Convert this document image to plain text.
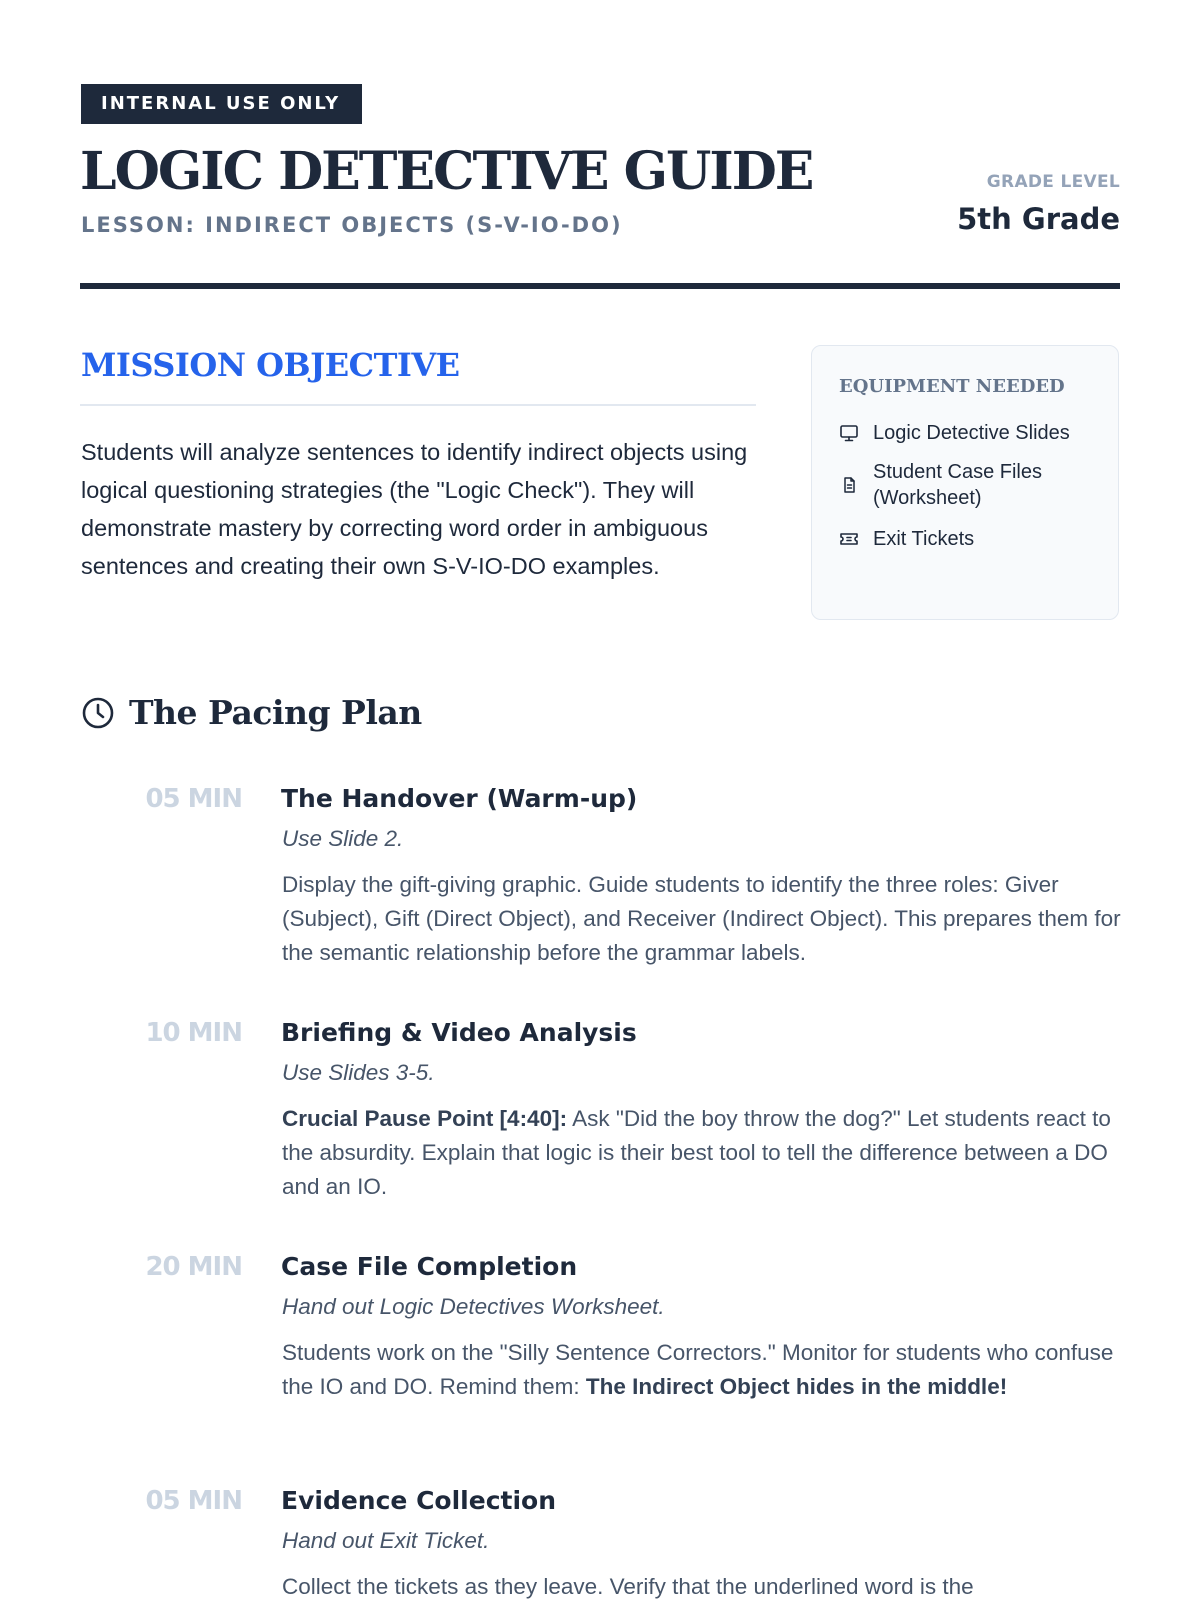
INTERNAL USE ONLY
LOGIC DETECTIVE GUIDE
LESSON: INDIRECT OBJECTS (S-V-IO-DO)
GRADE LEVEL
5th Grade
MISSION OBJECTIVE

Students will analyze sentences to identify indirect objects using logical questioning strategies (the "Logic Check"). They will demonstrate mastery by correcting word order in ambiguous sentences and creating their own S-V-IO-DO examples.

EQUIPMENT NEEDED
Logic Detective Slides
Student Case Files (Worksheet)
Exit Tickets
The Pacing Plan
05 MIN The Handover (Warm-up)
Use Slide 2.

Display the gift-giving graphic. Guide students to identify the three roles: Giver (Subject), Gift (Direct Object), and Receiver (Indirect Object). This prepares them for the semantic relationship before the grammar labels.

10 MIN Briefing & Video Analysis
Use Slides 3-5.

Crucial Pause Point [4:40]: Ask "Did the boy throw the dog?" Let students react to the absurdity. Explain that logic is their best tool to tell the difference between a DO and an IO.

20 MIN Case File Completion
Hand out Logic Detectives Worksheet.

Students work on the "Silly Sentence Correctors." Monitor for students who confuse the IO and DO. Remind them: The Indirect Object hides in the middle!

05 MIN Evidence Collection
Hand out Exit Ticket.

Collect the tickets as they leave. Verify that the underlined word is the
